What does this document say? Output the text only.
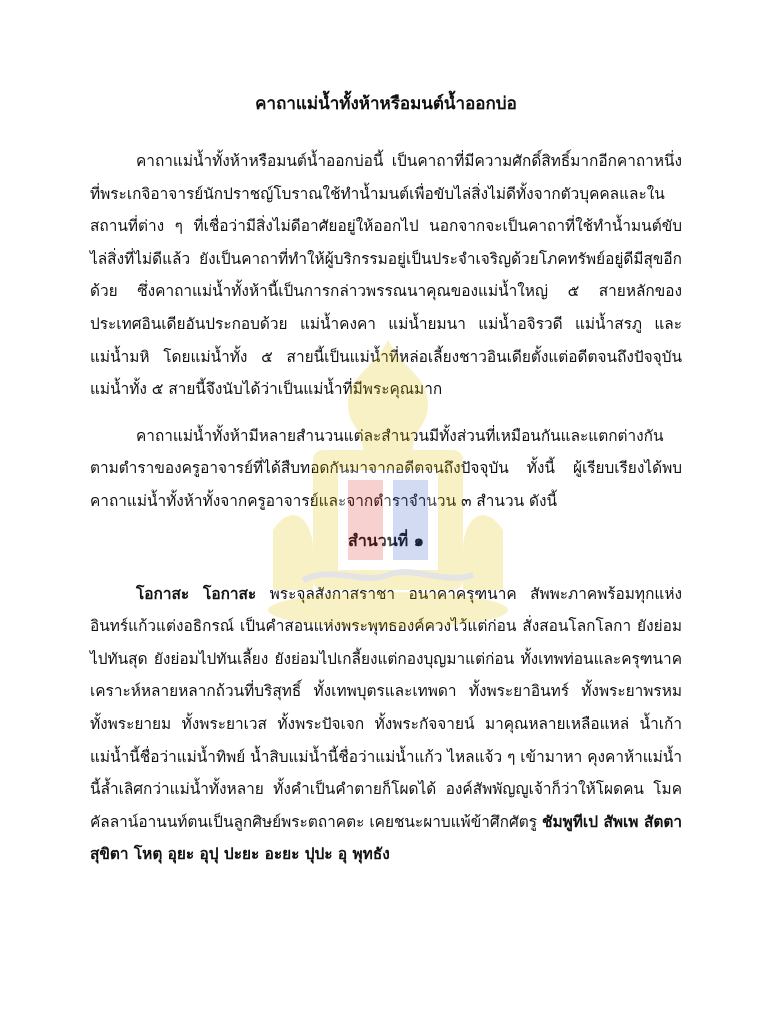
คาถาแม่น้ำทั้งห้าหรือมนต์น้ำออกบ่อ

คาถาแม่น้ำทั้งห้าหรือมนต์น้ำออกบ่อนี้ เป็นคาถาที่มีความศักดิ์สิทธิ์มากอีกคาถาหนึ่ง ที่พระเกจิอาจารย์นักปราชญ์โบราณใช้ทำน้ำมนต์เพื่อขับไล่สิ่งไม่ดีทั้งจากตัวบุคคลและในสถานที่ต่าง ๆ ที่เชื่อว่ามีสิ่งไม่ดีอาศัยอยู่ให้ออกไป นอกจากจะเป็นคาถาที่ใช้ทำน้ำมนต์ขับไล่สิ่งที่ไม่ดีแล้ว ยังเป็นคาถาที่ทำให้ผู้บริกรรมอยู่เป็นประจำเจริญด้วยโภคทรัพย์อยู่ดีมีสุขอีกด้วย ซึ่งคาถาแม่น้ำทั้งห้านี้เป็นการกล่าวพรรณนาคุณของแม่น้ำใหญ่ ๕ สายหลักของประเทศอินเดียอันประกอบด้วย แม่น้ำคงคา แม่น้ำยมนา แม่น้ำอจิรวดี แม่น้ำสรภู และแม่น้ำมหิ โดยแม่น้ำทั้ง ๕ สายนี้เป็นแม่น้ำที่หล่อเลี้ยงชาวอินเดียตั้งแต่อดีตจนถึงปัจจุบัน แม่น้ำทั้ง ๕ สายนี้จึงนับได้ว่าเป็นแม่น้ำที่มีพระคุณมาก

คาถาแม่น้ำทั้งห้ามีหลายสำนวนแต่ละสำนวนมีทั้งส่วนที่เหมือนกันและแตกต่างกันตามตำราของครูอาจารย์ที่ได้สืบทอดกันมาจากอดีตจนถึงปัจจุบัน ทั้งนี้ ผู้เรียบเรียงได้พบคาถาแม่น้ำทั้งห้าทั้งจากครูอาจารย์และจากตำราจำนวน ๓ สำนวน ดังนี้

สำนวนที่ ๑

โอกาสะ โอกาสะ พระจุลสังกาสราชา อนาคาครุฑนาค สัพพะภาคพร้อมทุกแห่งอินทร์แก้วแต่งอธิกรณ์ เป็นคำสอนแห่งพระพุทธองค์ควงไว้แต่ก่อน สั่งสอนโลกโลกา ยังย่อมไปทันสุด ยังย่อมไปทันเลี้ยง ยังย่อมไปเกลี้ยงแต่กองบุญมาแต่ก่อน ทั้งเทพท่อนและครุฑนาค เคราะห์หลายหลากถ้วนที่บริสุทธิ์ ทั้งเทพบุตรและเทพดา ทั้งพระยาอินทร์ ทั้งพระยาพรหม ทั้งพระยายม ทั้งพระยาเวส ทั้งพระปัจเจก ทั้งพระกัจจายน์ มาคุณหลายเหลือแหล่ น้ำเก้าแม่น้ำนี้ชื่อว่าแม่น้ำทิพย์ น้ำสิบแม่น้ำนี้ชื่อว่าแม่น้ำแก้ว ไหลแจ้ว ๆ เข้ามาหา คุงคาห้าแม่น้ำนี้ล้ำเลิศกว่าแม่น้ำทั้งหลาย ทั้งคำเป็นคำตายก็โผดได้ องค์สัพพัญญูเจ้าก็ว่าให้โผดคน โมคคัลลาน์อานนท์ตนเป็นลูกศิษย์พระตถาคตะ เคยชนะผาบแพ้ข้าศึกศัตรู ชัมพูทีเป สัพเพ สัตตา สุขิตา โหตุ อุยะ อุปุ ปะยะ อะยะ ปุปะ อุ พุทธัง
